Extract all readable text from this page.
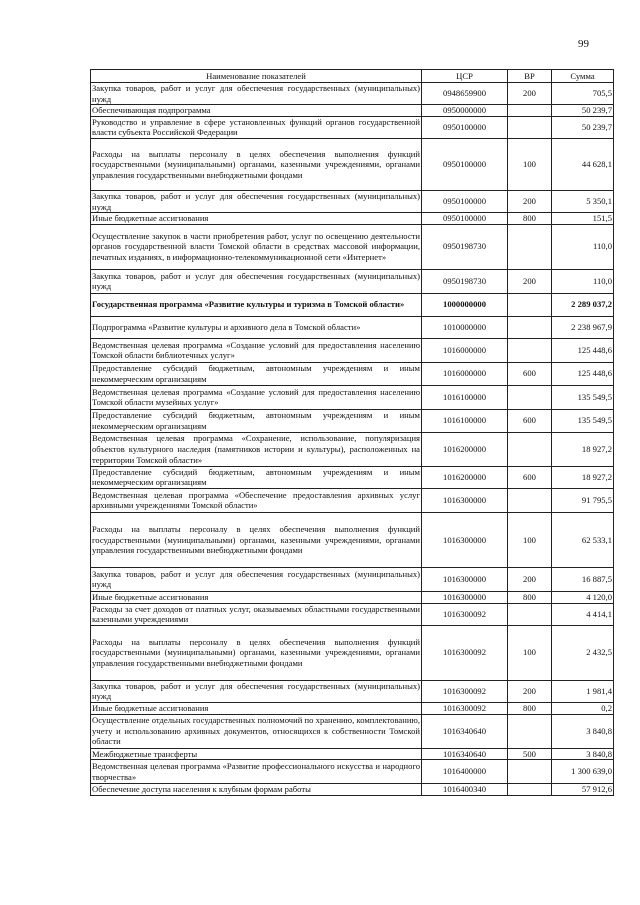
99
Наименование показателей	ЦСР	ВР	Сумма
Закупка товаров, работ и услуг для обеспечения государственных (муниципальных) нужд	0948659900	200	705,5
Обеспечивающая подпрограмма	0950000000		50 239,7
Руководство и управление в сфере установленных функций органов государственной власти субъекта Российской Федерации	0950100000		50 239,7
Расходы на выплаты персоналу в целях обеспечения выполнения функций государственными (муниципальными) органами, казенными учреждениями, органами управления государственными внебюджетными фондами	0950100000	100	44 628,1
Закупка товаров, работ и услуг для обеспечения государственных (муниципальных) нужд	0950100000	200	5 350,1
Иные бюджетные ассигнования	0950100000	800	151,5
Осуществление закупок в части приобретения работ, услуг по освещению деятельности органов государственной власти Томской области в средствах массовой информации, печатных изданиях, в информационно-телекоммуникационной сети «Интернет»	0950198730		110,0
Закупка товаров, работ и услуг для обеспечения государственных (муниципальных) нужд	0950198730	200	110,0
Государственная программа «Развитие культуры и туризма в Томской области»	1000000000		2 289 037,2
Подпрограмма «Развитие культуры и архивного дела в Томской области»	1010000000		2 238 967,9
Ведомственная целевая программа «Создание условий для предоставления населению Томской области библиотечных услуг»	1016000000		125 448,6
Предоставление субсидий бюджетным, автономным учреждениям и иным некоммерческим организациям	1016000000	600	125 448,6
Ведомственная целевая программа «Создание условий для предоставления населению Томской области музейных услуг»	1016100000		135 549,5
Предоставление субсидий бюджетным, автономным учреждениям и иным некоммерческим организациям	1016100000	600	135 549,5
Ведомственная целевая программа «Сохранение, использование, популяризация объектов культурного наследия (памятников истории и культуры), расположенных на территории Томской области»	1016200000		18 927,2
Предоставление субсидий бюджетным, автономным учреждениям и иным некоммерческим организациям	1016200000	600	18 927,2
Ведомственная целевая программа «Обеспечение предоставления архивных услуг архивными учреждениями Томской области»	1016300000		91 795,5
Расходы на выплаты персоналу в целях обеспечения выполнения функций государственными (муниципальными) органами, казенными учреждениями, органами управления государственными внебюджетными фондами	1016300000	100	62 533,1
Закупка товаров, работ и услуг для обеспечения государственных (муниципальных) нужд	1016300000	200	16 887,5
Иные бюджетные ассигнования	1016300000	800	4 120,0
Расходы за счет доходов от платных услуг, оказываемых областными государственными казенными учреждениями	1016300092		4 414,1
Расходы на выплаты персоналу в целях обеспечения выполнения функций государственными (муниципальными) органами, казенными учреждениями, органами управления государственными внебюджетными фондами	1016300092	100	2 432,5
Закупка товаров, работ и услуг для обеспечения государственных (муниципальных) нужд	1016300092	200	1 981,4
Иные бюджетные ассигнования	1016300092	800	0,2
Осуществление отдельных государственных полномочий по хранению, комплектованию, учету и использованию архивных документов, относящихся к собственности Томской области	1016340640		3 840,8
Межбюджетные трансферты	1016340640	500	3 840,8
Ведомственная целевая программа «Развитие профессионального искусства и народного творчества»	1016400000		1 300 639,0
Обеспечение доступа населения к клубным формам работы	1016400340		57 912,6
